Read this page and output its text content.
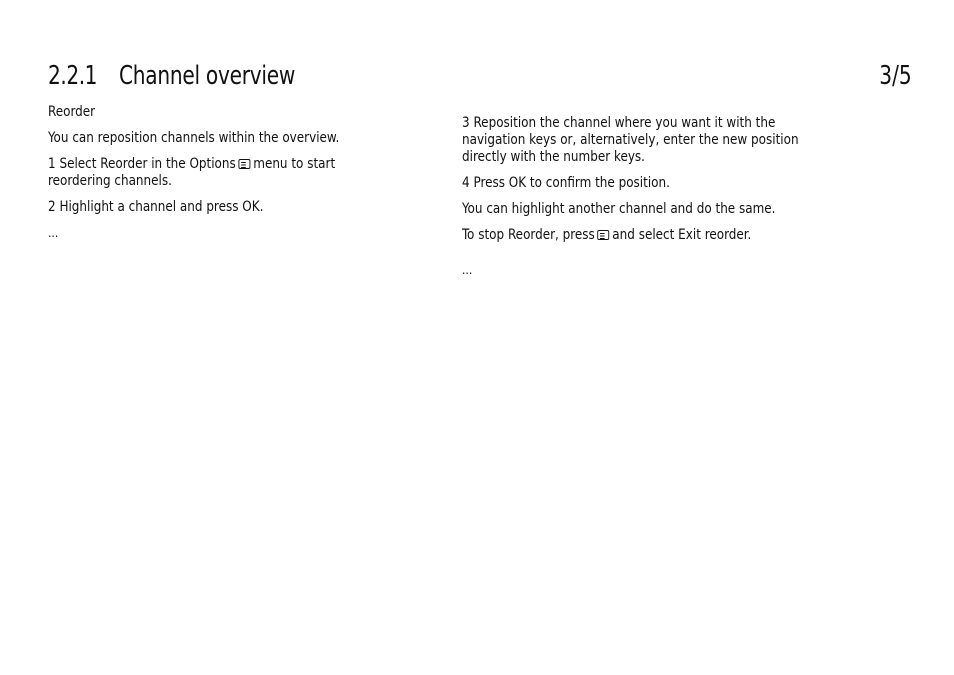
2.2.1 Channel overview	3/5

Reorder

You can reposition channels within the overview.

1 Select Reorder in the Options menu to start
reordering channels.

2 Highlight a channel and press OK.

...

3 Reposition the channel where you want it with the
navigation keys or, alternatively, enter the new position
directly with the number keys.

4 Press OK to confirm the position.

You can highlight another channel and do the same.

To stop Reorder, press and select Exit reorder.

...
